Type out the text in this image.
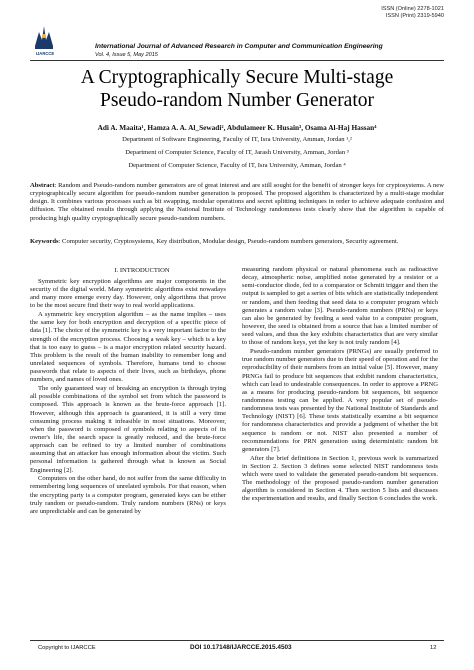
ISSN (Online) 2278-1021
ISSN (Print) 2319-5940
IJARCCE
International Journal of Advanced Research in Computer and Communication Engineering
Vol. 4, Issue 5, May 2015
A Cryptographically Secure Multi-stage
Pseudo-random Number Generator
Adi A. Maaita¹, Hamza A. A. Al_Sewadi², Abdulameer K. Husain³, Osama Al-Haj Hassan⁴
Department of Software Engineering, Faculty of IT, Isra University, Amman, Jordan ¹,²
Department of Computer Science, Faculty of IT, Jarash University, Amman, Jordan ³
Department of Computer Science, Faculty of IT, Isra University, Amman, Jordan ⁴
Abstract: Random and Pseudo-random number generators are of great interest and are still sought for the benefit of stronger keys for cryptosystems. A new cryptographically secure algorithm for pseudo-random number generation is proposed. The proposed algorithm is characterized by a multi-stage modular design. It combines various processes such as bit swapping, modular operations and secret splitting techniques in order to achieve adequate confusion and diffusion. The obtained results through applying the National Institute of Technology randomness tests clearly show that the algorithm is capable of producing high quality cryptographically secure pseudo-random numbers.
Keywords: Computer security, Cryptosystems, Key distribution, Modular design, Pseudo-random numbers generators, Security agreement.
I. INTRODUCTION

Symmetric key encryption algorithms are major components in the security of the digital world. Many symmetric algorithms exist nowadays and many more emerge every day. However, only algorithms that prove to be the most secure find their way to real world applications.

A symmetric key encryption algorithm – as the name implies – uses the same key for both encryption and decryption of a specific piece of data [1]. The choice of the symmetric key is a very important factor to the strength of the encryption process. Choosing a weak key – which is a key that is too easy to guess – is a major encryption related security hazard. This problem is the result of the human inability to remember long and unrelated sequences of symbols. Therefore, humans tend to choose passwords that relate to aspects of their lives, such as birthdays, phone numbers, and names of loved ones.

The only guaranteed way of breaking an encryption is through trying all possible combinations of the symbol set from which the password is composed. This approach is known as the brute-force approach [1]. However, although this approach is guaranteed, it is still a very time consuming process making it infeasible in most situations. Moreover, when the password is composed of symbols relating to aspects of its owner's life, the search space is greatly reduced, and the brute-force approach can be refined to try a limited number of combinations assuming that an attacker has enough information about the victim. Such personal information is gathered through what is known as Social Engineering [2].

Computers on the other hand, do not suffer from the same difficulty in remembering long sequences of unrelated symbols. For that reason, when the encrypting party is a computer program, generated keys can be either truly random or pseudo-random. Truly random numbers (RNs) or keys are unpredictable and can be generated by

measuring random physical or natural phenomena such as radioactive decay, atmospheric noise, amplified noise generated by a resistor or a semi-conductor diode, fed to a comparator or Schmitt trigger and then the output is sampled to get a series of bits which are statistically independent or random, and then feeding that seed data to a computer program which generates a random value [3]. Pseudo-random numbers (PRNs) or keys can also be generated by feeding a seed value to a computer program, however, the seed is obtained from a source that has a limited number of seed values, and thus the key exhibits characteristics that are very similar to those of random keys, yet the key is not truly random [4].

Pseudo-random number generators (PRNGs) are usually preferred to true random number generators due to their speed of operation and for the reproducibility of their numbers from an initial value [5]. However, many PRNGs fail to produce bit sequences that exhibit random characteristics, which can lead to undesirable consequences. In order to approve a PRNG as a means for producing pseudo-random bit sequences, bit sequence randomness testing can be applied. A very popular set of pseudo-randomness tests was presented by the National Institute of Standards and Technology (NIST) [6]. These tests statistically examine a bit sequence for randomness characteristics and provide a judgment of whether the bit sequence is random or not. NIST also presented a number of recommendations for PRN generation using deterministic random bit generators [7].

After the brief definitions in Section 1, previous work is summarized in Section 2. Section 3 defines some selected NIST randomness tests which were used to validate the generated pseudo-random bit sequences. The methodology of the proposed pseudo-random number generation algorithm is considered in Section 4. Then section 5 lists and discusses the experimentation and results, and finally Section 6 concludes the work.

Copyright to IJARCCE	DOI 10.17148/IJARCCE.2015.4503	12
